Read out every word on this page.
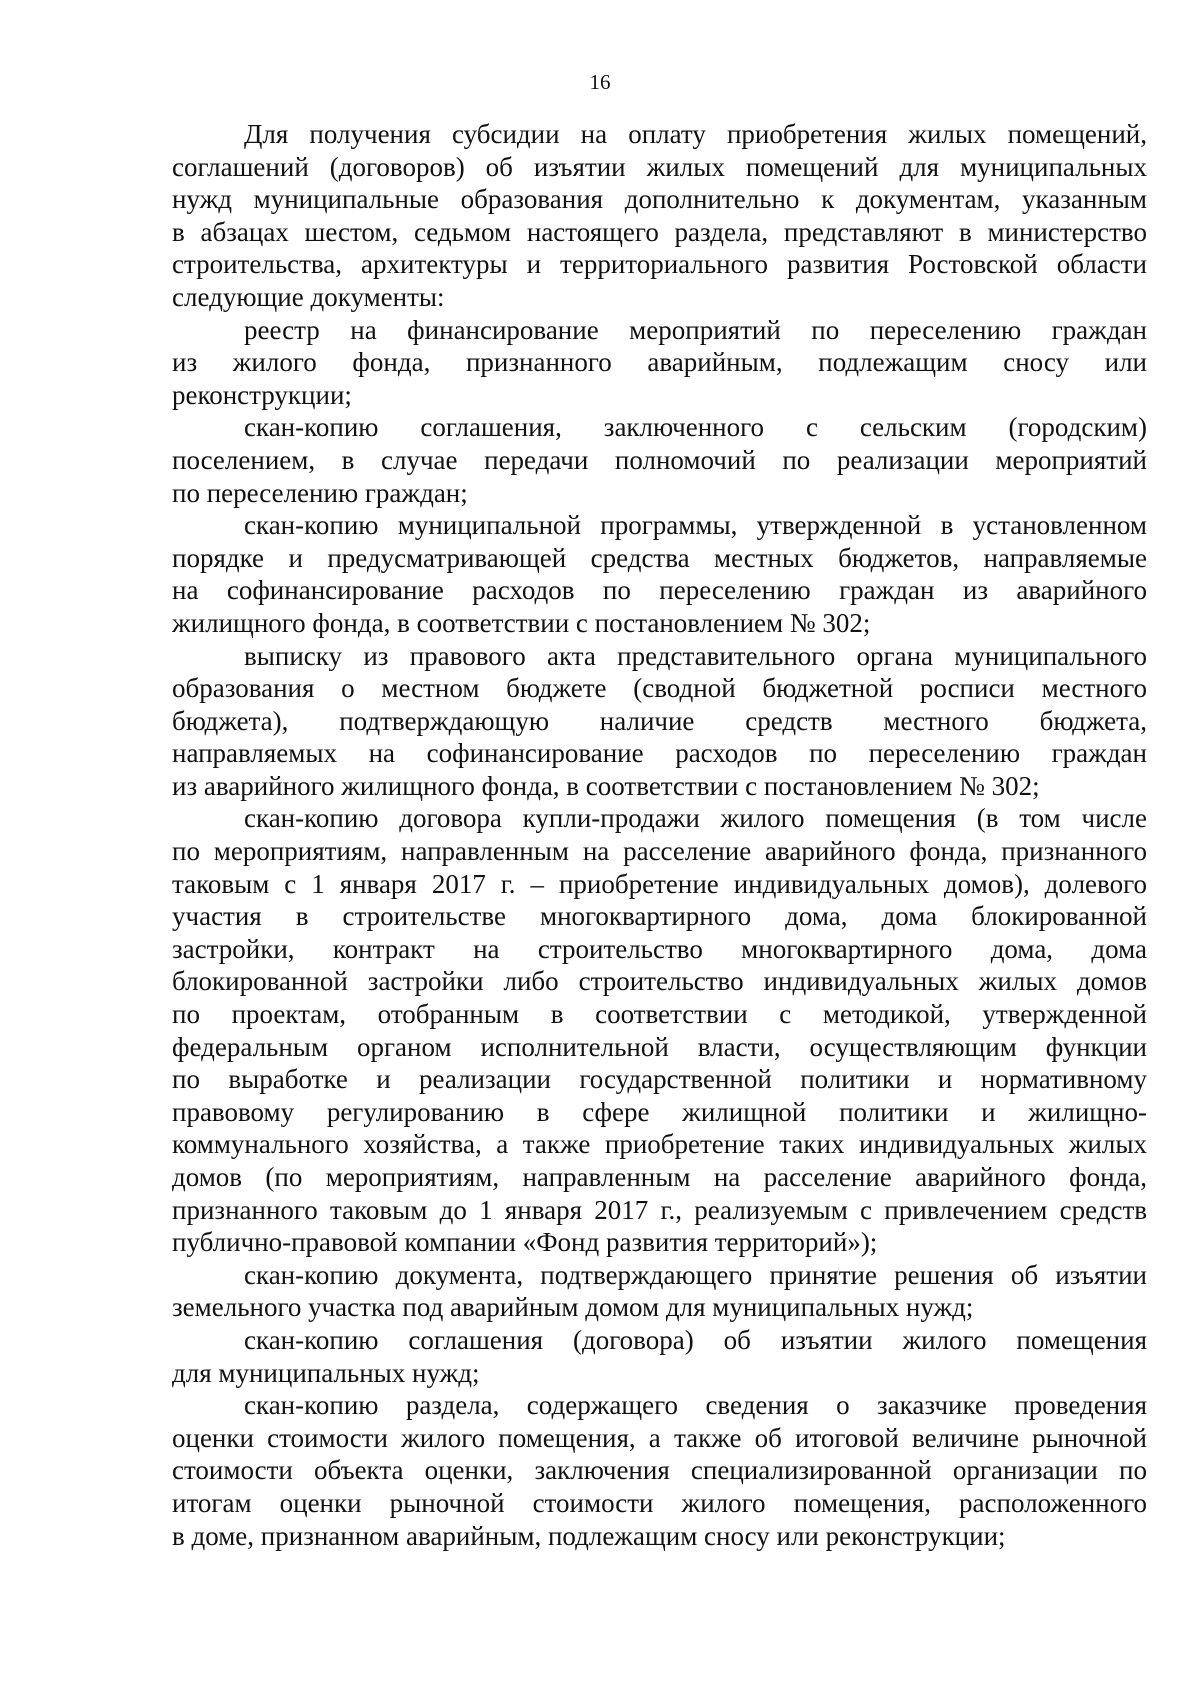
16
Для получения субсидии на оплату приобретения жилых помещений,
соглашений (договоров) об изъятии жилых помещений для муниципальных
нужд муниципальные образования дополнительно к документам, указанным
в абзацах шестом, седьмом настоящего раздела, представляют в министерство
строительства, архитектуры и территориального развития Ростовской области
следующие документы:
реестр на финансирование мероприятий по переселению граждан
из жилого фонда, признанного аварийным, подлежащим сносу или
реконструкции;
скан-копию соглашения, заключенного с сельским (городским)
поселением, в случае передачи полномочий по реализации мероприятий
по переселению граждан;
скан-копию муниципальной программы, утвержденной в установленном
порядке и предусматривающей средства местных бюджетов, направляемые
на софинансирование расходов по переселению граждан из аварийного
жилищного фонда, в соответствии с постановлением № 302;
выписку из правового акта представительного органа муниципального
образования о местном бюджете (сводной бюджетной росписи местного
бюджета), подтверждающую наличие средств местного бюджета,
направляемых на софинансирование расходов по переселению граждан
из аварийного жилищного фонда, в соответствии с постановлением № 302;
скан-копию договора купли-продажи жилого помещения (в том числе
по мероприятиям, направленным на расселение аварийного фонда, признанного
таковым с 1 января 2017 г. – приобретение индивидуальных домов), долевого
участия в строительстве многоквартирного дома, дома блокированной
застройки, контракт на строительство многоквартирного дома, дома
блокированной застройки либо строительство индивидуальных жилых домов
по проектам, отобранным в соответствии с методикой, утвержденной
федеральным органом исполнительной власти, осуществляющим функции
по выработке и реализации государственной политики и нормативному
правовому регулированию в сфере жилищной политики и жилищно-
коммунального хозяйства, а также приобретение таких индивидуальных жилых
домов (по мероприятиям, направленным на расселение аварийного фонда,
признанного таковым до 1 января 2017 г., реализуемым с привлечением средств
публично-правовой компании «Фонд развития территорий»);
скан-копию документа, подтверждающего принятие решения об изъятии
земельного участка под аварийным домом для муниципальных нужд;
скан-копию соглашения (договора) об изъятии жилого помещения
для муниципальных нужд;
скан-копию раздела, содержащего сведения о заказчике проведения
оценки стоимости жилого помещения, а также об итоговой величине рыночной
стоимости объекта оценки, заключения специализированной организации по
итогам оценки рыночной стоимости жилого помещения, расположенного
в доме, признанном аварийным, подлежащим сносу или реконструкции;
